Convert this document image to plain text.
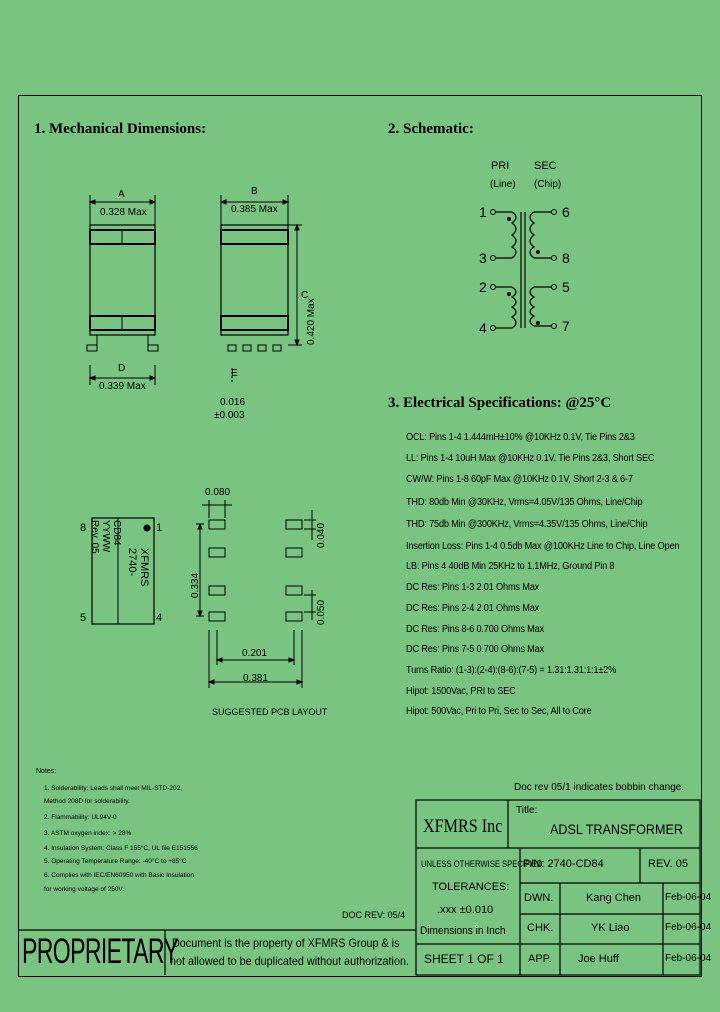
1. Mechanical Dimensions:	2. Schematic:
3. Electrical Specifications: @25°C
A
0.328 Max
B
0.385 Max
C
0.420 Max
D
0.339 Max
E
0.016
±0.003
PRI
(Line)
SEC
(Chip)
1
3
2
4
6
8
5
7
OCL: Pins 1-4 1.444mH±10% @10KHz 0.1V, Tie Pins 2&3
LL: Pins 1-4 10uH Max @10KHz 0.1V, Tie Pins 2&3, Short SEC
CW/W: Pins 1-8 60pF Max @10KHz 0.1V, Short 2-3 & 6-7
THD: 80db Min @30KHz, Vrms=4.05V/135 Ohms, Line/Chip
THD: 75db Min @300KHz, Vrms=4.35V/135 Ohms, Line/Chip
Insertion Loss: Pins 1-4 0.5db Max @100KHz Line to Chip, Line Open
LB: Pins 4 40dB Min 25KHz to 1.1MHz, Ground Pin 8
DC Res: Pins 1-3 2.01 Ohms Max
DC Res: Pins 2-4 2.01 Ohms Max
DC Res: Pins 8-6 0.700 Ohms Max
DC Res: Pins 7-5 0.700 Ohms Max
Turns Ratio: (1-3):(2-4):(8-6):(7-5) = 1.31:1.31:1:1±2%
Hipot: 1500Vac, PRI to SEC
Hipot: 500Vac, Pri to Pri, Sec to Sec, All to Core
XFMRS
2740-
CD84
YYWW
Rev. 05
8	1
5	4
0.080
0.040
0.334
0.050
0.201
0.381
SUGGESTED PCB LAYOUT
Notes:
1. Solderability: Leads shall meet MIL-STD-202,
Method 208D for solderability.
2. Flammability: UL94V-0
3. ASTM oxygen index: > 28%
4. Insulation System: Class F 155°C, UL file E151556
5. Operating Temperature Range: -40°C to +85°C
6. Complies with IEC/EN60950 with Basic Insulation
for working voltage of 250V.
Doc rev 05/1 indicates bobbin change.
DOC REV: 05/4
XFMRS Inc
Title:
ADSL TRANSFORMER
UNLESS OTHERWISE SPECIFIED
TOLERANCES:
.xxx ±0.010
Dimensions in Inch
P/N: 2740-CD84	REV. 05
DWN.	Kang Chen Feb-06-04
CHK.	YK Liao	Feb-06-04
APP. Joe Huff	Feb-06-04
SHEET 1 OF 1
PROPRIETARY
Document is the property of XFMRS Group & is
not allowed to be duplicated without authorization.
